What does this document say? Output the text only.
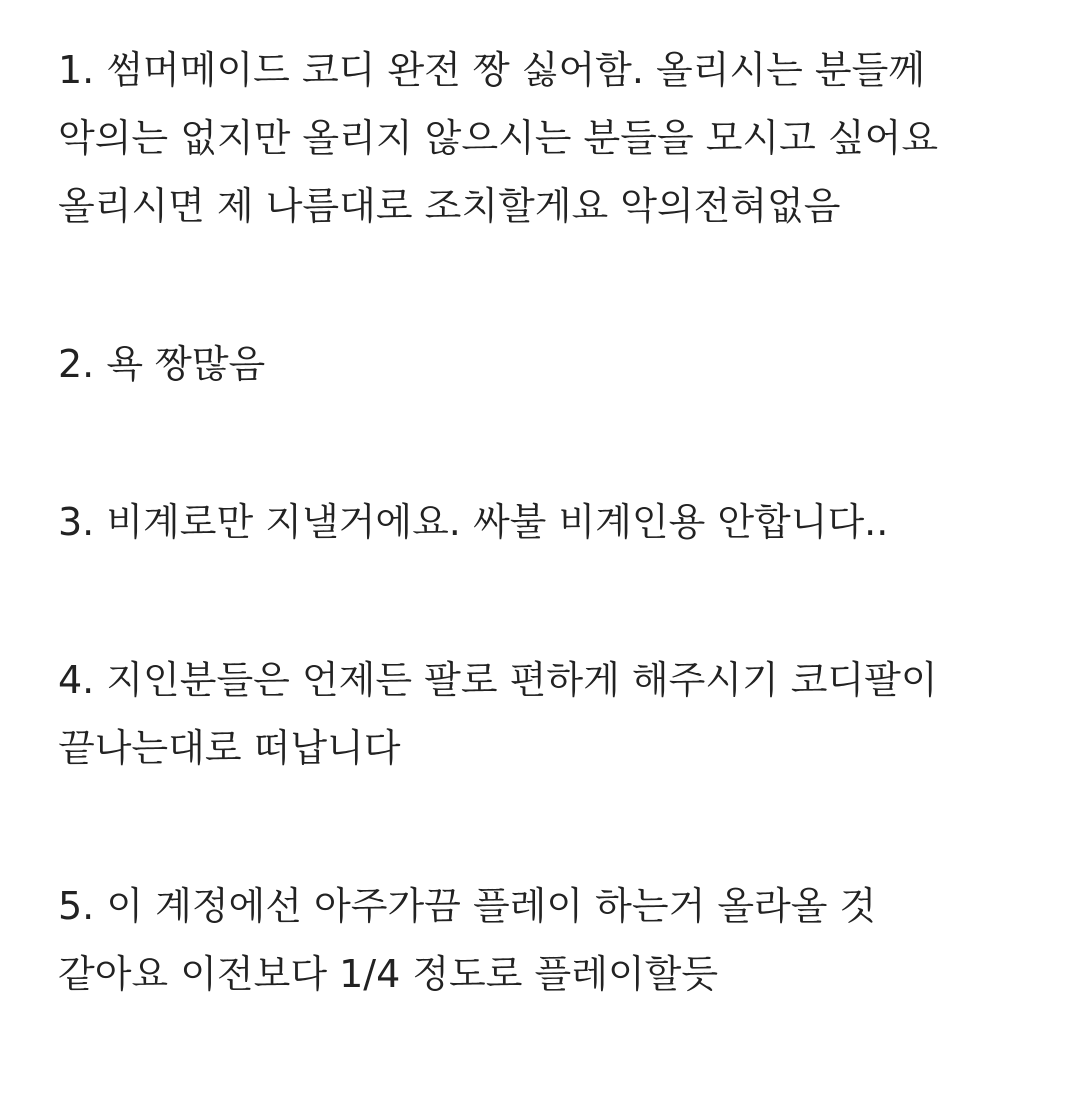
1. 썸머메이드 코디 완전 짱 싫어함. 올리시는 분들께
악의는 없지만 올리지 않으시는 분들을 모시고 싶어요
올리시면 제 나름대로 조치할게요 악의전혀없음
2. 욕 짱많음
3. 비계로만 지낼거에요. 싸불 비계인용 안합니다..
4. 지인분들은 언제든 팔로 편하게 해주시기 코디팔이
끝나는대로 떠납니다
5. 이 계정에선 아주가끔 플레이 하는거 올라올 것
같아요 이전보다 1/4 정도로 플레이할듯
